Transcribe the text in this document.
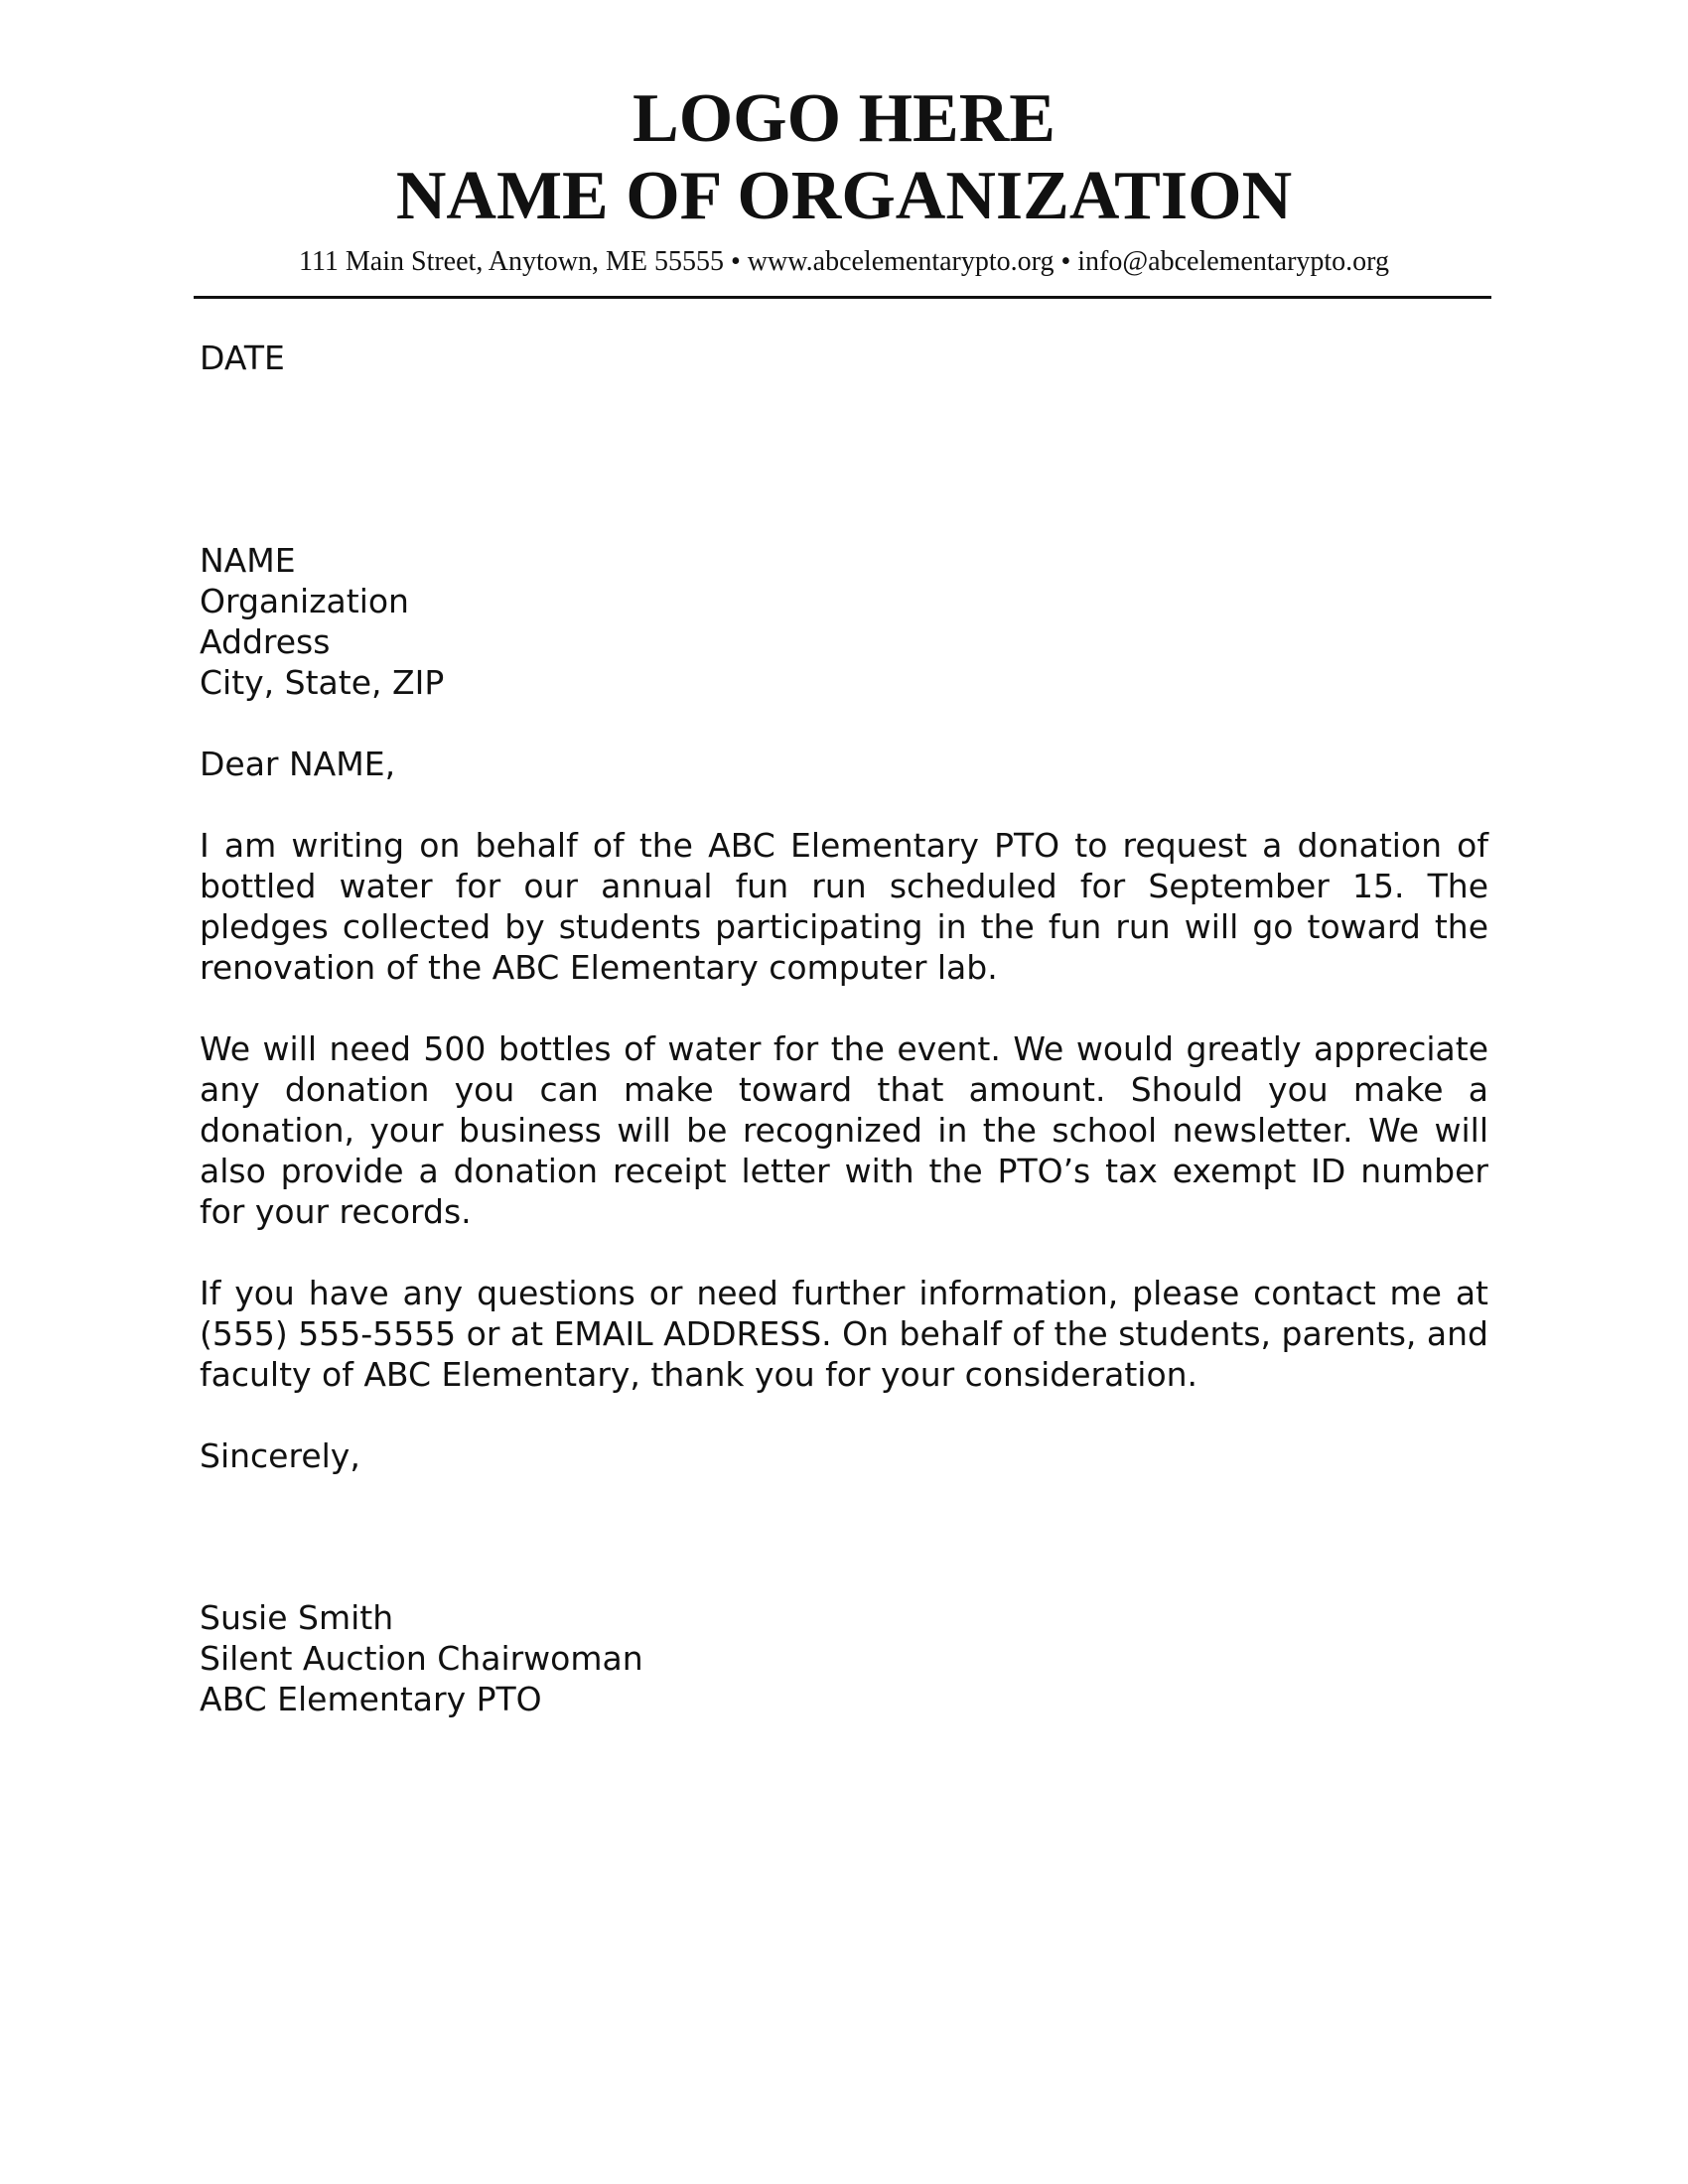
LOGO HERE

NAME OF ORGANIZATION

111 Main Street, Anytown, ME 55555 • www.abcelementarypto.org • info@abcelementarypto.org

DATE

NAME

Organization

Address

City, State, ZIP

Dear NAME,

I am writing on behalf of the ABC Elementary PTO to request a donation of bottled water for our annual fun run scheduled for September 15. The pledges collected by students participating in the fun run will go toward the renovation of the ABC Elementary computer lab.

We will need 500 bottles of water for the event. We would greatly appreciate any donation you can make toward that amount. Should you make a donation, your business will be recognized in the school newsletter. We will also provide a donation receipt letter with the PTO’s tax exempt ID number for your records.

If you have any questions or need further information, please contact me at (555) 555-5555 or at EMAIL ADDRESS. On behalf of the students, parents, and faculty of ABC Elementary, thank you for your consideration.

Sincerely,

Susie Smith

Silent Auction Chairwoman

ABC Elementary PTO
